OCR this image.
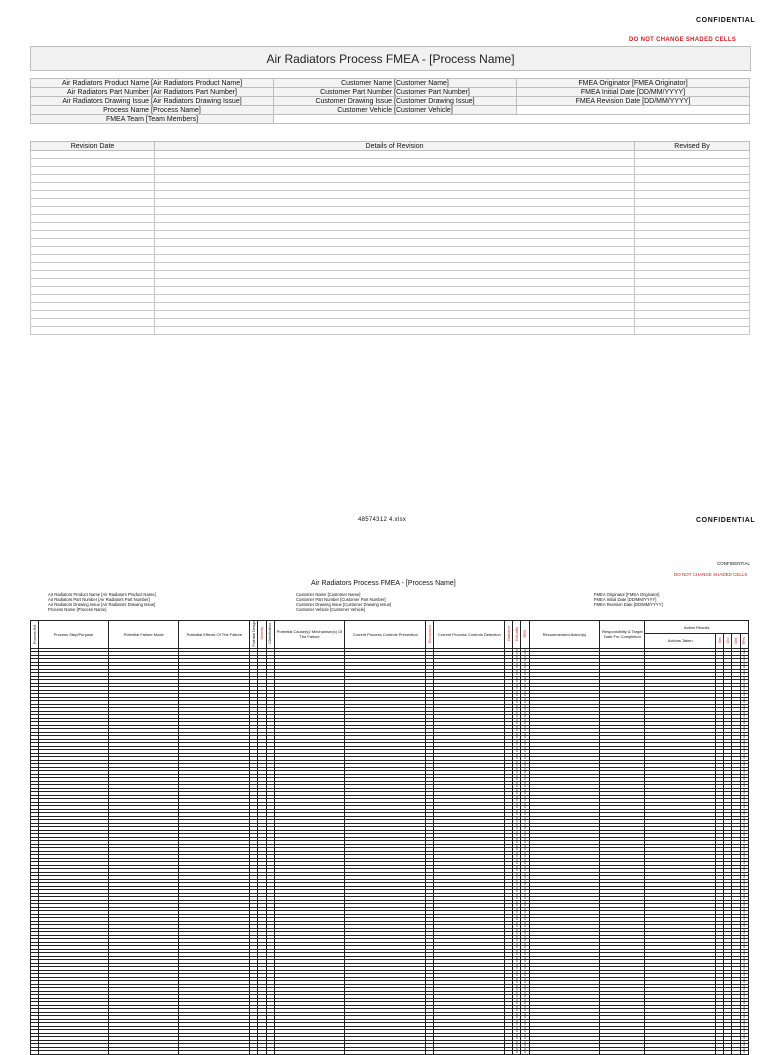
CONFIDENTIAL
DO NOT CHANGE SHADED CELLS
Air Radiators Process FMEA - [Process Name]
Air Radiators Product Name [Air Radiators Product Name]	Customer Name [Customer Name]	FMEA Originator [FMEA Originator]
Air Radiators Part Number [Air Radiators Part Number]	Customer Part Number [Customer Part Number]	FMEA Initial Date [DD/MM/YYYY]
Air Radiators Drawing Issue [Air Radiators Drawing Issue]	Customer Drawing Issue [Customer Drawing Issue]	FMEA Revision Date [DD/MM/YYYY]
Process Name [Process Name]	Customer Vehicle [Customer Vehicle]	
FMEA Team [Team Members]		
Revision Date	Details of Revision	Revised By

48574312 4.xlsx	CONFIDENTIAL
CONFIDENTIAL
DO NOT CHANGE SHADED CELLS
Air Radiators Process FMEA - [Process Name]
Air Radiators Product Name [Air Radiators Product Name]
Air Radiators Part Number [Air Radiators Part Number]
Air Radiators Drawing Issue [Air Radiators Drawing Issue]
Process Name [Process Name]
Customer Name [Customer Name]
Customer Part Number [Customer Part Number]
Customer Drawing Issue [Customer Drawing Issue]
Customer Vehicle [Customer Vehicle]
FMEA Originator [FMEA Originator]
FMEA Initial Date [DD/MM/YYYY]
FMEA Revision Date [DD/MM/YYYY]
Process Ref.	Process Step/Purpose	Potential Failure Mode	Potential Effects Of The Failure	Potential Design	Severity	Classification	Potential Cause(s)/ Mechanism(s) Of The Failure	Current Process Controls Prevention	Occurrence	Current Process Controls Detection	Detection	Criticality	RPN	Recommended Action(s)	Responsibility & Target Date For Completion	Action Results				
																Actions Taken	Sev	Occ	Det	RPN
												0	0							0
												0	0							0
												0	0							0
												0	0							0
												0	0							0
												0	0							0
												0	0							0
												0	0							0
												0	0							0
												0	0							0
												0	0							0
												0	0							0
												0	0							0
												0	0							0
												0	0							0
												0	0							0
												0	0							0
												0	0							0
												0	0							0
												0	0							0
												0	0							0
												0	0							0
												0	0							0
												0	0							0
												0	0							0
												0	0							0
												0	0							0
												0	0							0
												0	0							0
												0	0							0
												0	0							0
												0	0							0
												0	0							0
												0	0							0
												0	0							0
												0	0							0
												0	0							0
												0	0							0
												0	0							0
												0	0							0
												0	0							0
												0	0							0
												0	0							0
												0	0							0
												0	0							0
												0	0							0
												0	0							0
												0	0							0
												0	0							0
												0	0							0
												0	0							0
												0	0							0
												0	0							0
												0	0							0
												0	0							0
												0	0							0
												0	0							0
												0	0							0
												0	0							0
												0	0							0
												0	0							0
												0	0							0
												0	0							0
												0	0							0
												0	0							0
												0	0							0
												0	0							0
												0	0							0
												0	0							0
												0	0							0
												0	0							0
												0	0							0
												0	0							0
												0	0							0
												0	0							0
												0	0							0
												0	0							0
												0	0							0
												0	0							0
												0	0							0
												0	0							0
												0	0							0
												0	0							0
												0	0							0
												0	0							0
												0	0							0
												0	0							0
												0	0							0
												0	0							0
												0	0							0
												0	0							0
												0	0							0
												0	0							0
												0	0							0
												0	0							0
												0	0							0
												0	0							0
												0	0							0
												0	0							0
												0	0							0
												0	0							0
												0	0							0
												0	0							0
												0	0							0
												0	0							0
												0	0							0
												0	0							0
												0	0							0
												0	0							0
												0	0							0
												0	0							0
												0	0							0
												0	0							0
												0	0							0
												0	0							0
												0	0							0
